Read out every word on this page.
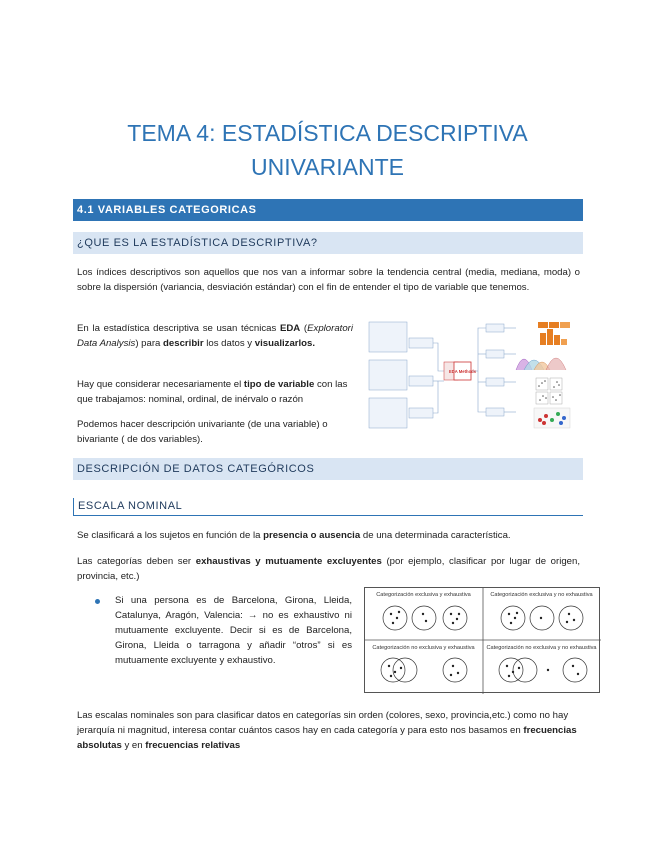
TEMA 4: ESTADÍSTICA DESCRIPTIVA
UNIVARIANTE
4.1 VARIABLES CATEGORICAS
¿QUE ES LA ESTADÍSTICA DESCRIPTIVA?

Los índices descriptivos son aquellos que nos van a informar sobre la tendencia central (media, mediana, moda) o sobre la dispersión (variancia, desviación estándar) con el fin de entender el tipo de variable que tenemos.

En la estadística descriptiva se usan técnicas EDA (Exploratori Data Analysis) para describir los datos y visualizarlos.

Hay que considerar necesariamente el tipo de variable con las que trabajamos: nominal, ordinal, de inérvalo o razón

Podemos hacer descripción univariante (de una variable) o bivariante ( de dos variables).

EDA Methods
DESCRIPCIÓN DE DATOS CATEGÓRICOS
ESCALA NOMINAL

Se clasificará a los sujetos en función de la presencia o ausencia de una determinada característica.

Las categorías deben ser exhaustivas y mutuamente excluyentes (por ejemplo, clasificar por lugar de origen, provincia, etc.)

Si una persona es de Barcelona, Girona, Lleida, Catalunya, Aragón, Valencia: → no es exhaustivo ni mutuamente excluyente. Decir si es de Barcelona, Girona, Lleida o tarragona y añadir “otros” si es mutuamente excluyente y exhaustivo.

Categorización exclusiva y exhaustiva	Categorización exclusiva y no exhaustiva
Categorización no exclusiva y exhaustiva	Categorización no exclusiva y no exhaustiva

Las escalas nominales son para clasificar datos en categorías sin orden (colores, sexo, provincia,etc.) como no hay jerarquía ni magnitud, interesa contar cuántos casos hay en cada categoría y para esto nos basamos en frecuencias absolutas y en frecuencias relativas
